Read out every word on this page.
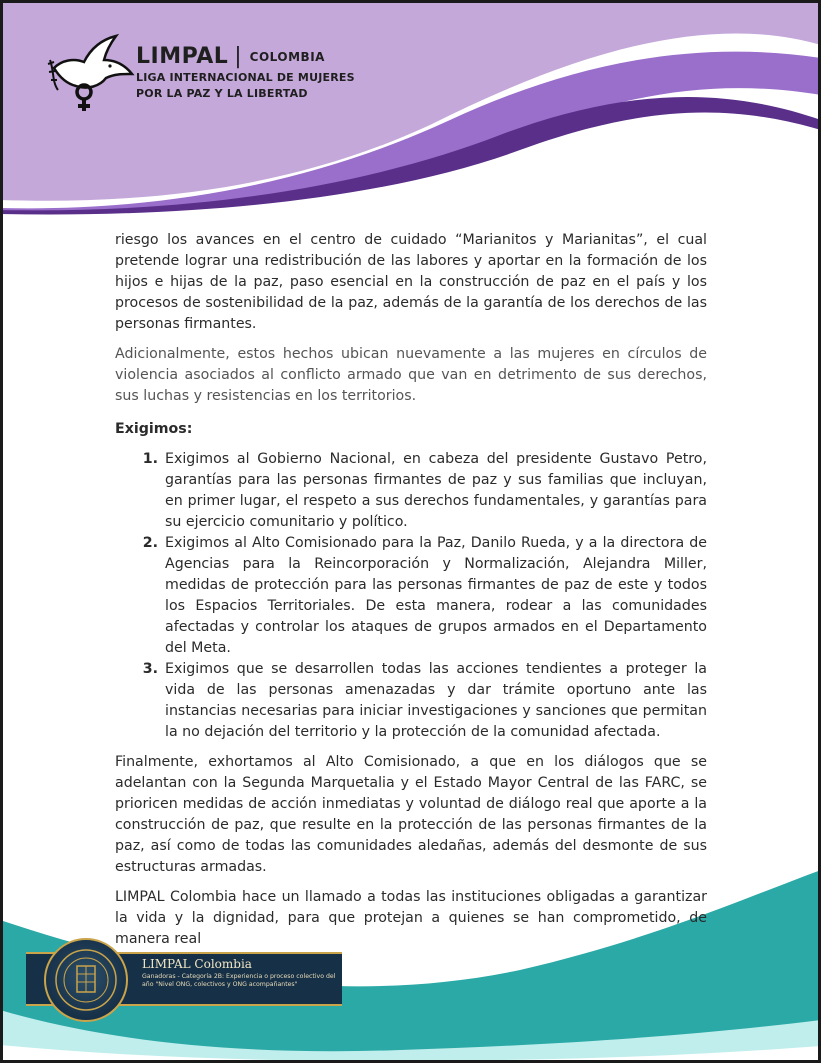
LIMPAL | COLOMBIA
LIGA INTERNACIONAL DE MUJERES
POR LA PAZ Y LA LIBERTAD

riesgo los avances en el centro de cuidado “Marianitos y Marianitas”, el cual pretende lograr una redistribución de las labores y aportar en la formación de los hijos e hijas de la paz, paso esencial en la construcción de paz en el país y los procesos de sostenibilidad de la paz, además de la garantía de los derechos de las personas firmantes.

Adicionalmente, estos hechos ubican nuevamente a las mujeres en círculos de violencia asociados al conflicto armado que van en detrimento de sus derechos, sus luchas y resistencias en los territorios.

Exigimos:
1. Exigimos al Gobierno Nacional, en cabeza del presidente Gustavo Petro, garantías para las personas firmantes de paz y sus familias que incluyan, en primer lugar, el respeto a sus derechos fundamentales, y garantías para su ejercicio comunitario y político.
2. Exigimos al Alto Comisionado para la Paz, Danilo Rueda, y a la directora de Agencias para la Reincorporación y Normalización, Alejandra Miller, medidas de protección para las personas firmantes de paz de este y todos los Espacios Territoriales. De esta manera, rodear a las comunidades afectadas y controlar los ataques de grupos armados en el Departamento del Meta.
3. Exigimos que se desarrollen todas las acciones tendientes a proteger la vida de las personas amenazadas y dar trámite oportuno ante las instancias necesarias para iniciar investigaciones y sanciones que permitan la no dejación del territorio y la protección de la comunidad afectada.

Finalmente, exhortamos al Alto Comisionado, a que en los diálogos que se adelantan con la Segunda Marquetalia y el Estado Mayor Central de las FARC, se prioricen medidas de acción inmediatas y voluntad de diálogo real que aporte a la construcción de paz, que resulte en la protección de las personas firmantes de la paz, así como de todas las comunidades aledañas, además del desmonte de sus estructuras armadas.

LIMPAL Colombia hace un llamado a todas las instituciones obligadas a garantizar la vida y la dignidad, para que protejan a quienes se han comprometido, de manera real

LIMPAL Colombia
Ganadoras - Categoría 2B: Experiencia o proceso colectivo del año "Nivel ONG, colectivos y ONG acompañantes"
